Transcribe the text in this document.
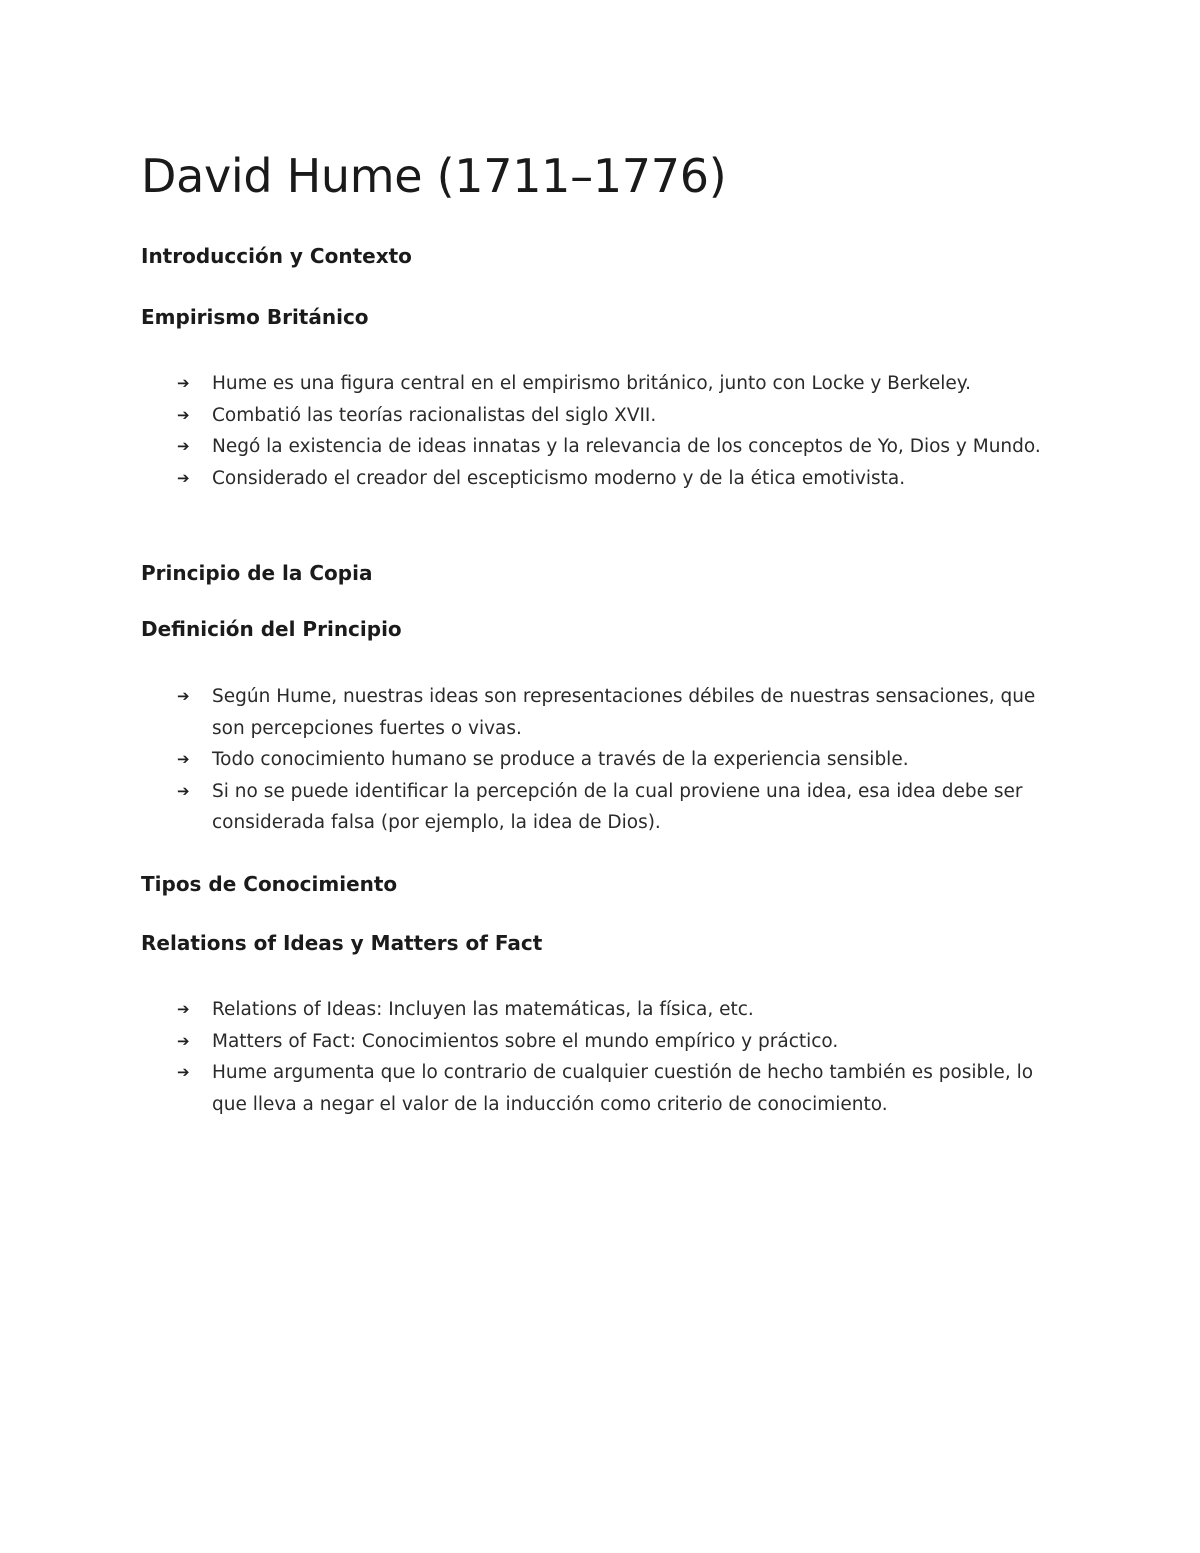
David Hume (1711–1776)
Introducción y Contexto
Empirismo Británico
➔ Hume es una figura central en el empirismo británico, junto con Locke y Berkeley.
➔ Combatió las teorías racionalistas del siglo XVII.
➔ Negó la existencia de ideas innatas y la relevancia de los conceptos de Yo, Dios y Mundo.
➔ Considerado el creador del escepticismo moderno y de la ética emotivista.
Principio de la Copia
Definición del Principio
➔ Según Hume, nuestras ideas son representaciones débiles de nuestras sensaciones, que son percepciones fuertes o vivas.
➔ Todo conocimiento humano se produce a través de la experiencia sensible.
➔ Si no se puede identificar la percepción de la cual proviene una idea, esa idea debe ser considerada falsa (por ejemplo, la idea de Dios).
Tipos de Conocimiento
Relations of Ideas y Matters of Fact
➔ Relations of Ideas: Incluyen las matemáticas, la física, etc.
➔ Matters of Fact: Conocimientos sobre el mundo empírico y práctico.
➔ Hume argumenta que lo contrario de cualquier cuestión de hecho también es posible, lo que lleva a negar el valor de la inducción como criterio de conocimiento.
